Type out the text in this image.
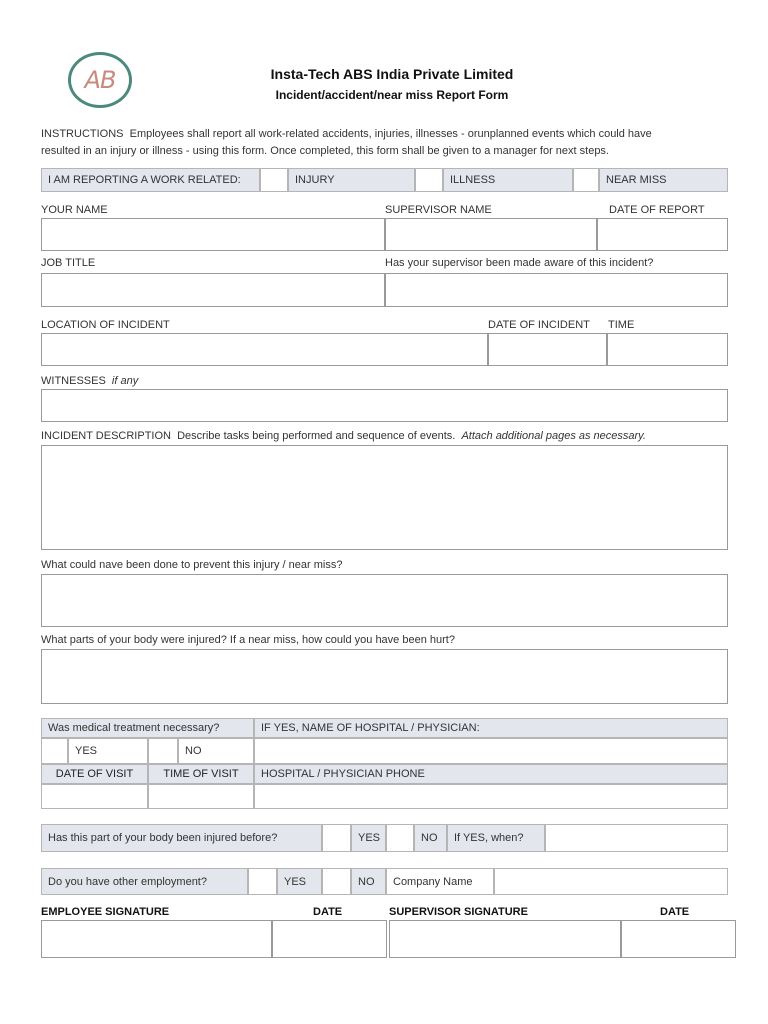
AB	Insta-Tech ABS India Private Limited
Incident/accident/near miss Report Form
INSTRUCTIONS Employees shall report all work-related accidents, injuries, illnesses - orunplanned events which could have
resulted in an injury or illness - using this form. Once completed, this form shall be given to a manager for next steps.
I AM REPORTING A WORK RELATED:	INJURY	ILLNESS	NEAR MISS
YOUR NAME	SUPERVISOR NAME	DATE OF REPORT
JOB TITLE	Has your supervisor been made aware of this incident?
LOCATION OF INCIDENT	DATE OF INCIDENT TIME
WITNESSES if any
INCIDENT DESCRIPTION Describe tasks being performed and sequence of events. Attach additional pages as necessary.
What could nave been done to prevent this injury / near miss?
What parts of your body were injured? If a near miss, how could you have been hurt?
Was medical treatment necessary?	IF YES, NAME OF HOSPITAL / PHYSICIAN:
YES	NO
DATE OF VISIT	TIME OF VISIT	HOSPITAL / PHYSICIAN PHONE
Has this part of your body been injured before?	YES	NO	If YES, when?
Do you have other employment?	YES	NO	Company Name
EMPLOYEE SIGNATURE	DATE	SUPERVISOR SIGNATURE	DATE
